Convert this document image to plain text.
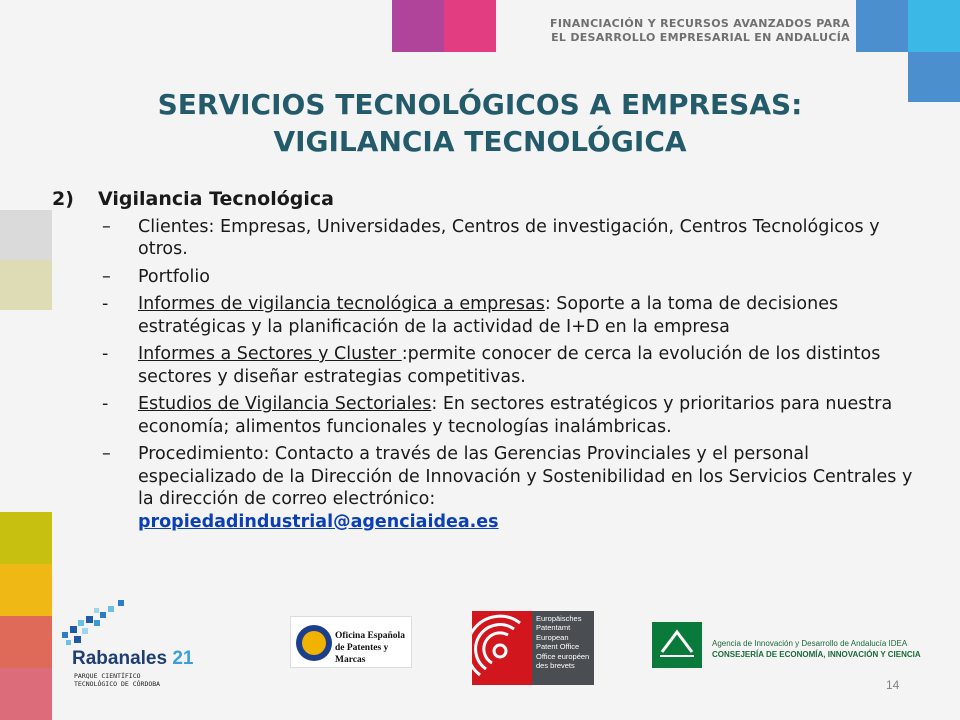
FINANCIACIÓN Y RECURSOS AVANZADOS PARA
EL DESARROLLO EMPRESARIAL EN ANDALUCÍA
SERVICIOS TECNOLÓGICOS A EMPRESAS:
VIGILANCIA TECNOLÓGICA
2)	Vigilancia Tecnológica
–	Clientes: Empresas, Universidades, Centros de investigación, Centros Tecnológicos y otros.
–	Portfolio
-	Informes de vigilancia tecnológica a empresas: Soporte a la toma de decisiones estratégicas y la planificación de la actividad de I+D en la empresa
-	Informes a Sectores y Cluster :permite conocer de cerca la evolución de los distintos sectores y diseñar estrategias competitivas.
-	Estudios de Vigilancia Sectoriales: En sectores estratégicos y prioritarios para nuestra economía; alimentos funcionales y tecnologías inalámbricas.
–	Procedimiento: Contacto a través de las Gerencias Provinciales y el personal especializado de la Dirección de Innovación y Sostenibilidad en los Servicios Centrales y la dirección de correo electrónico:
propiedadindustrial@agenciaidea.es
Rabanales 21
PARQUE CIENTÍFICO
TECNOLÓGICO DE CÓRDOBA
Oficina Española
de Patentes y Marcas
Europäisches
Patentamt
European
Patent Office
Office européen
des brevets
Agencia de Innovación y Desarrollo de Andalucía IDEA
CONSEJERÍA DE ECONOMÍA, INNOVACIÓN Y CIENCIA
14
